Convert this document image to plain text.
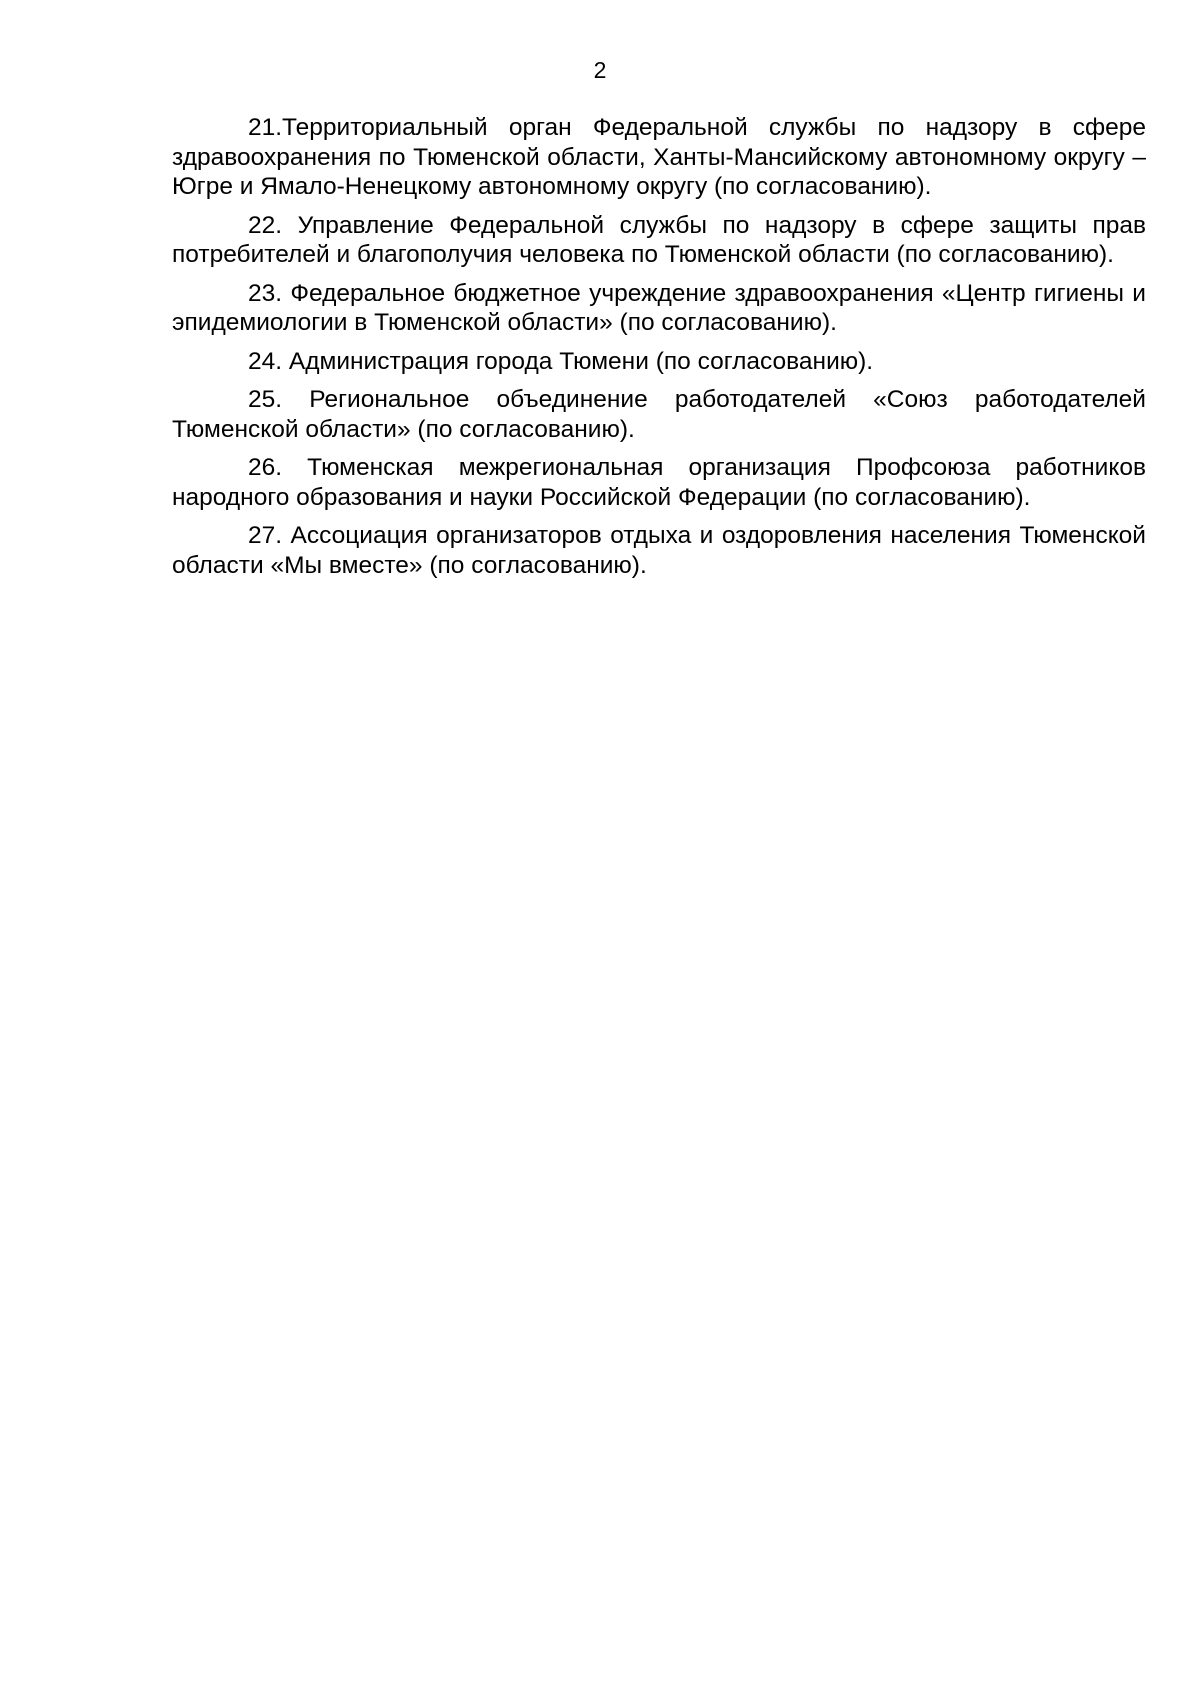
2

21.Территориальный орган Федеральной службы по надзору в сфере здравоохранения по Тюменской области, Ханты-Мансийскому автономному округу – Югре и Ямало-Ненецкому автономному округу (по согласованию).

22. Управление Федеральной службы по надзору в сфере защиты прав потребителей и благополучия человека по Тюменской области (по согласованию).

23. Федеральное бюджетное учреждение здравоохранения «Центр гигиены и эпидемиологии в Тюменской области» (по согласованию).

24. Администрация города Тюмени (по согласованию).

25. Региональное объединение работодателей «Союз работодателей Тюменской области» (по согласованию).

26. Тюменская межрегиональная организация Профсоюза работников народного образования и науки Российской Федерации (по согласованию).

27. Ассоциация организаторов отдыха и оздоровления населения Тюменской области «Мы вместе» (по согласованию).
